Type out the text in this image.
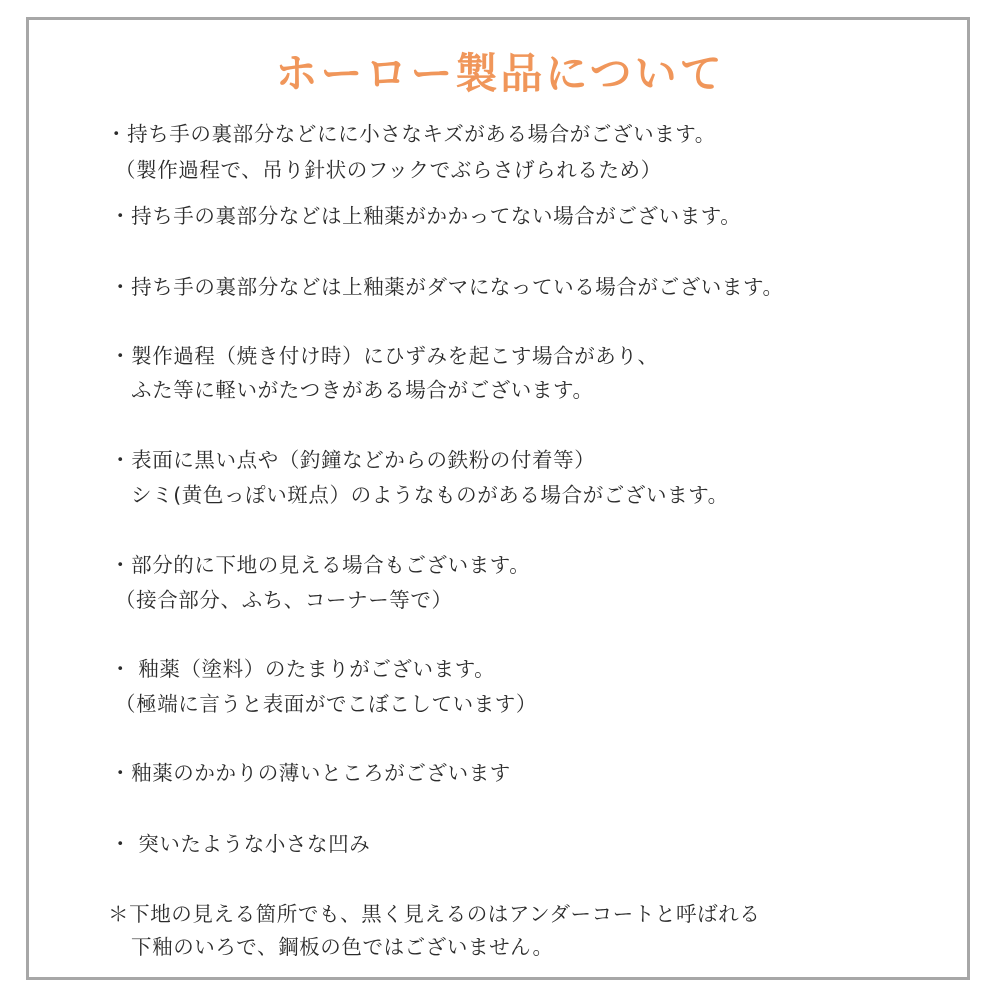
ホーロー製品について
・持ち手の裏部分などにに小さなキズがある場合がございます。
（製作過程で、吊り針状のフックでぶらさげられるため）
・持ち手の裏部分などは上釉薬がかかってない場合がございます。
・持ち手の裏部分などは上釉薬がダマになっている場合がございます。
・製作過程（焼き付け時）にひずみを起こす場合があり、
ふた等に軽いがたつきがある場合がございます。
・表面に黒い点や（釣鐘などからの鉄粉の付着等）
シミ(黄色っぽい斑点）のようなものがある場合がございます。
・部分的に下地の見える場合もございます。
（接合部分、ふち、コーナー等で）
・ 釉薬（塗料）のたまりがございます。
（極端に言うと表面がでこぼこしています）
・釉薬のかかりの薄いところがございます
・ 突いたような小さな凹み
＊下地の見える箇所でも、黒く見えるのはアンダーコートと呼ばれる
下釉のいろで、鋼板の色ではございません。
